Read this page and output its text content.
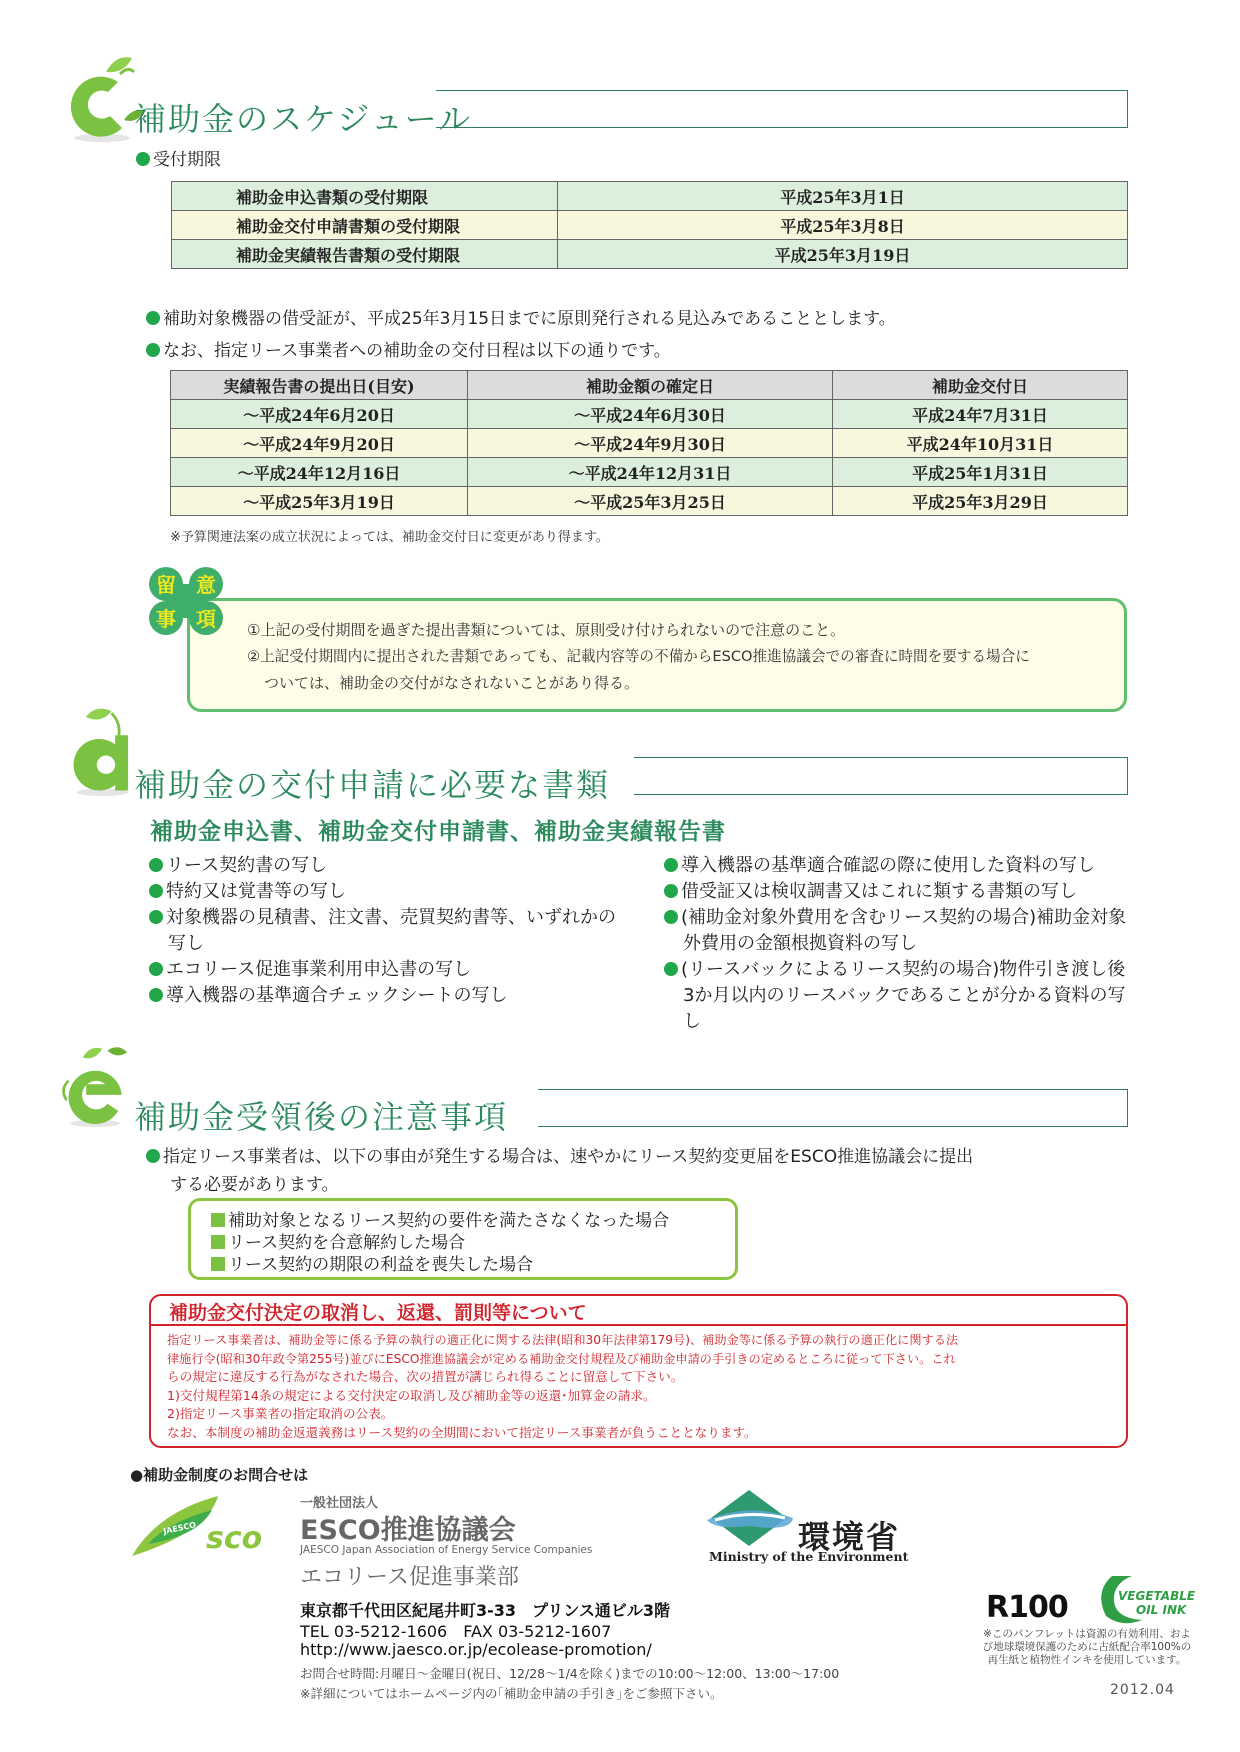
補助金のスケジュール
受付期限
補助金申込書類の受付期限	平成25年3月1日
補助金交付申請書類の受付期限	平成25年3月8日
補助金実績報告書類の受付期限	平成25年3月19日
補助対象機器の借受証が、平成25年3月15日までに原則発行される見込みであることとします。
なお、指定リース事業者への補助金の交付日程は以下の通りです。
実績報告書の提出日(目安)	補助金額の確定日	補助金交付日
～平成24年6月20日	～平成24年6月30日	平成24年7月31日
～平成24年9月20日	～平成24年9月30日	平成24年10月31日
～平成24年12月16日	～平成24年12月31日	平成25年1月31日
～平成25年3月19日	～平成25年3月25日	平成25年3月29日
※予算関連法案の成立状況によっては、補助金交付日に変更があり得ます。
留 意
事 項 ①上記の受付期間を過ぎた提出書類については、原則受け付けられないので注意のこと。
②上記受付期間内に提出された書類であっても、記載内容等の不備からESCO推進協議会での審査に時間を要する場合に
ついては、補助金の交付がなされないことがあり得る。
補助金の交付申請に必要な書類
補助金申込書、補助金交付申請書、補助金実績報告書
リース契約書の写し
特約又は覚書等の写し
対象機器の見積書、注文書、売買契約書等、いずれかの写し
エコリース促進事業利用申込書の写し
導入機器の基準適合チェックシートの写し
導入機器の基準適合確認の際に使用した資料の写し
借受証又は検収調書又はこれに類する書類の写し
(補助金対象外費用を含むリース契約の場合)補助金対象外費用の金額根拠資料の写し
(リースバックによるリース契約の場合)物件引き渡し後3か月以内のリースバックであることが分かる資料の写し
補助金受領後の注意事項
指定リース事業者は、以下の事由が発生する場合は、速やかにリース契約変更届をESCO推進協議会に提出
する必要があります。
補助対象となるリース契約の要件を満たさなくなった場合
リース契約を合意解約した場合
リース契約の期限の利益を喪失した場合
補助金交付決定の取消し、返還、罰則等について
指定リース事業者は、補助金等に係る予算の執行の適正化に関する法律(昭和30年法律第179号)、補助金等に係る予算の執行の適正化に関する法
律施行令(昭和30年政令第255号)並びにESCO推進協議会が定める補助金交付規程及び補助金申請の手引きの定めるところに従って下さい。これ
らの規定に違反する行為がなされた場合、次の措置が講じられ得ることに留意して下さい。
1)交付規程第14条の規定による交付決定の取消し及び補助金等の返還･加算金の請求。
2)指定リース事業者の指定取消の公表。
なお、本制度の補助金返還義務はリース契約の全期間において指定リース事業者が負うこととなります。
●補助金制度のお問合せは
JAESCO sco
一般社団法人
ESCO推進協議会
JAESCO Japan Association of Energy Service Companies
エコリース促進事業部
東京都千代田区紀尾井町3-33　プリンス通ビル3階
TEL 03-5212-1606　FAX 03-5212-1607
http://www.jaesco.or.jp/ecolease-promotion/
お問合せ時間:月曜日～金曜日(祝日、12/28～1/4を除く)までの10:00～12:00、13:00～17:00
※詳細についてはホームページ内の｢補助金申請の手引き｣をご参照下さい。
環境省
Ministry of the Environment
R100	VEGETABLE
OIL INK
※このパンフレットは資源の有効利用、および地球環境保護のために古紙配合率100%の再生紙と植物性インキを使用しています。
2012.04
